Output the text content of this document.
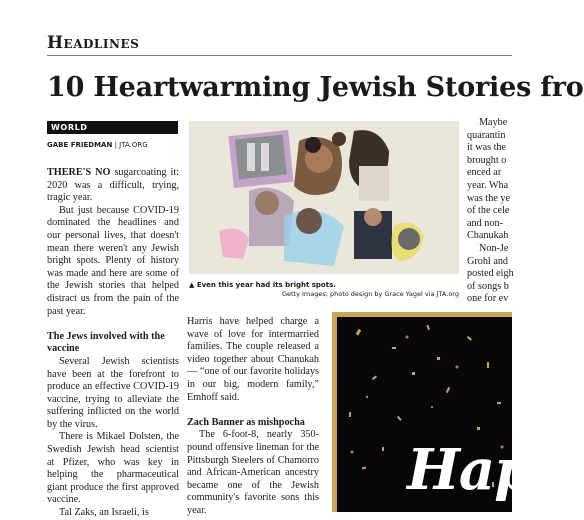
Headlines
10 Heartwarming Jewish Stories fro
WORLD
GABE FRIEDMAN | JTA.ORG

THERE'S NO sugarcoating it: 2020 was a difficult, trying, tragic year.

But just because COVID-19 dominated the headlines and our personal lives, that doesn't mean there weren't any Jewish bright spots. Plenty of history was made and here are some of the Jewish stories that helped distract us from the pain of the past year.

The Jews involved with the vaccine

Several Jewish scientists have been at the forefront to produce an effective COVID-19 vaccine, trying to alleviate the suffering inflicted on the world by the virus.

There is Mikael Dolsten, the Swedish Jewish head scientist at Pfizer, who was key in helping the pharmaceutical giant produce the first approved vaccine.

Tal Zaks, an Israeli, is

▲ Even this year had its bright spots.
Getty Images; photo design by Grace Yagel via JTA.org

Harris have helped charge a wave of love for intermarried families. The couple released a video together about Chanukah — “one of our favorite holidays in our big, modern family,” Emhoff said.

Zach Banner as mishpocha

The 6-foot-8, nearly 350-pound offensive lineman for the Pittsburgh Steelers of Chamorro and African-American ancestry became one of the Jewish community's favorite sons this year.

Maybe
quarantin
it was the
brought o
enced ar
year. Wha
was the ye
of the cele
and non-
Chanukah
Non-Je
Grohl and
posted eigh
of songs b
one for ev
Happ
